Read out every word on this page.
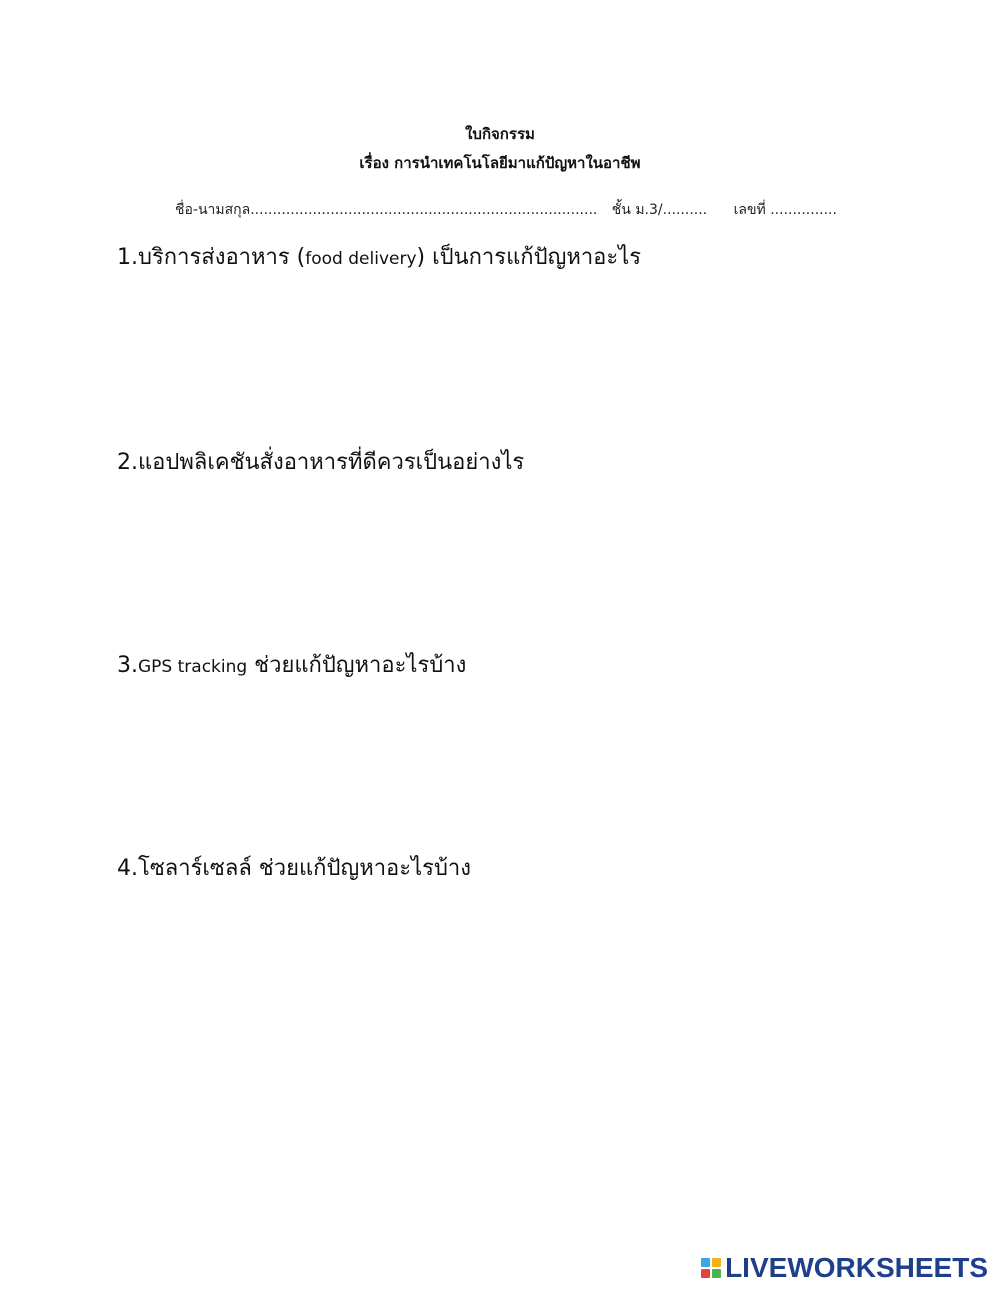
ใบกิจกรรม
เรื่อง การนำเทคโนโลยีมาแก้ปัญหาในอาชีพ
ชื่อ-นามสกุล.............................................................................. ชั้น ม.3/.......... เลขที่ ...............
1.บริการส่งอาหาร (food delivery) เป็นการแก้ปัญหาอะไร
2.แอปพลิเคชันสั่งอาหารที่ดีควรเป็นอย่างไร
3.GPS tracking ช่วยแก้ปัญหาอะไรบ้าง
4.โซลาร์เซลล์ ช่วยแก้ปัญหาอะไรบ้าง
LIVEWORKSHEETS
